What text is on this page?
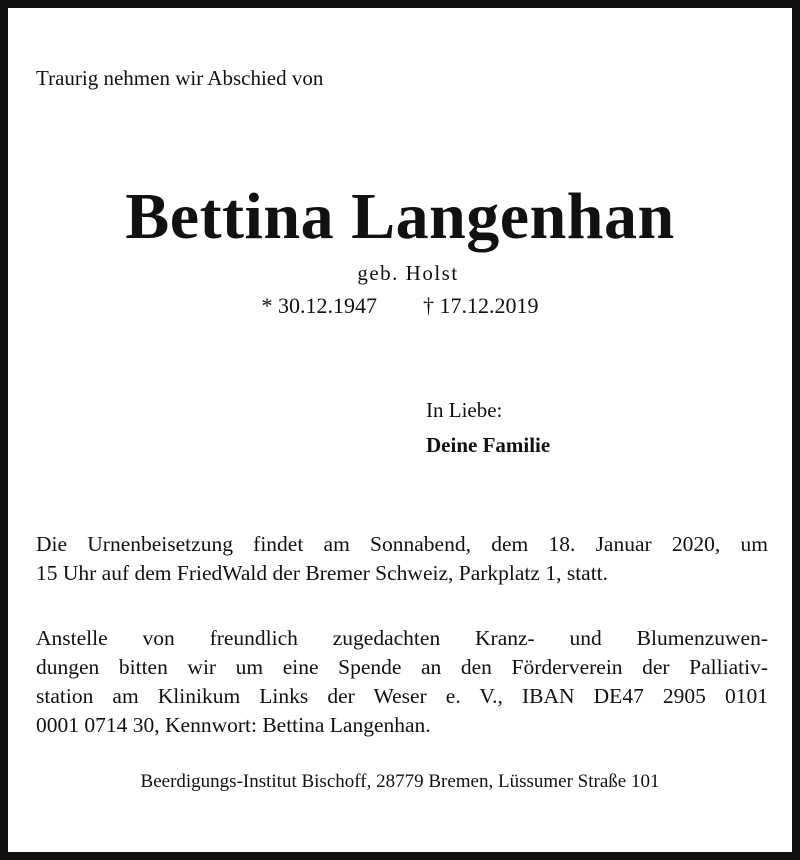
Traurig nehmen wir Abschied von
Bettina Langenhan
geb. Holst
* 30.12.1947 † 17.12.2019
In Liebe:
Deine Familie
Die Urnenbeisetzung findet am Sonnabend, dem 18. Januar 2020, um
15 Uhr auf dem FriedWald der Bremer Schweiz, Parkplatz 1, statt.
Anstelle von freundlich zugedachten Kranz- und Blumenzuwen-
dungen bitten wir um eine Spende an den Förderverein der Palliativ-
station am Klinikum Links der Weser e. V., IBAN DE47 2905 0101
0001 0714 30, Kennwort: Bettina Langenhan.
Beerdigungs-Institut Bischoff, 28779 Bremen, Lüssumer Straße 101
